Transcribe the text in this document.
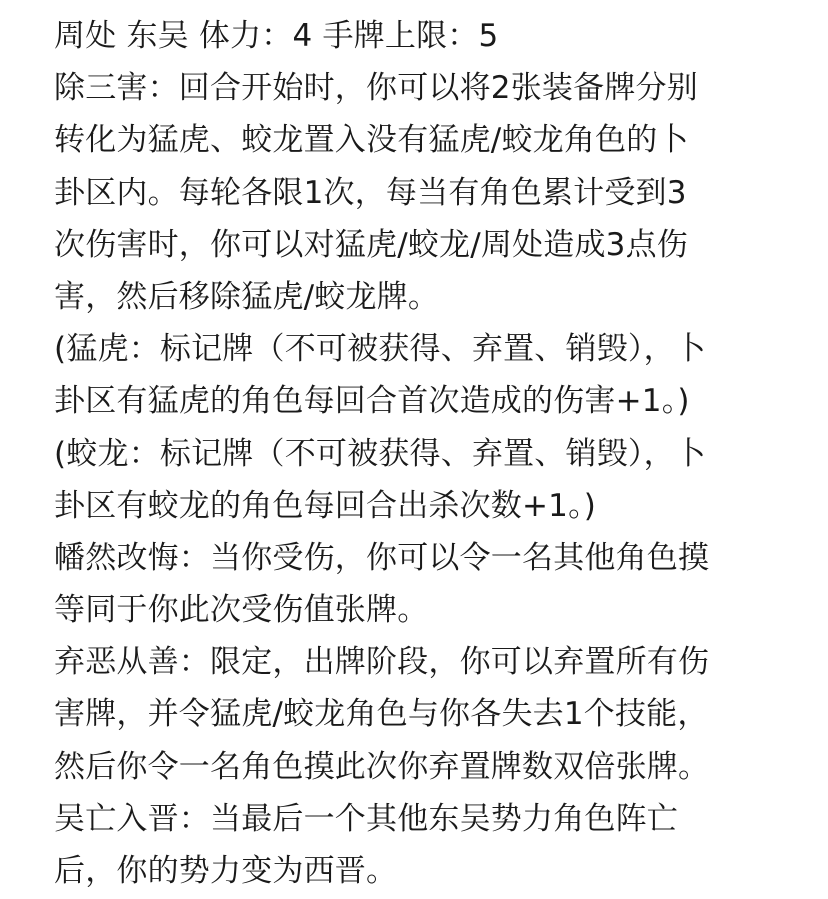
周处 东吴 体力：4 手牌上限：5
除三害：回合开始时，你可以将2张装备牌分别
转化为猛虎、蛟龙置入没有猛虎/蛟龙角色的卜
卦区内。每轮各限1次，每当有角色累计受到3
次伤害时，你可以对猛虎/蛟龙/周处造成3点伤
害，然后移除猛虎/蛟龙牌。
(猛虎：标记牌（不可被获得、弃置、销毁），卜
卦区有猛虎的角色每回合首次造成的伤害+1。)
(蛟龙：标记牌（不可被获得、弃置、销毁），卜
卦区有蛟龙的角色每回合出杀次数+1。)
幡然改悔：当你受伤，你可以令一名其他角色摸
等同于你此次受伤值张牌。
弃恶从善：限定，出牌阶段，你可以弃置所有伤
害牌，并令猛虎/蛟龙角色与你各失去1个技能，
然后你令一名角色摸此次你弃置牌数双倍张牌。
吴亡入晋：当最后一个其他东吴势力角色阵亡
后，你的势力变为西晋。
